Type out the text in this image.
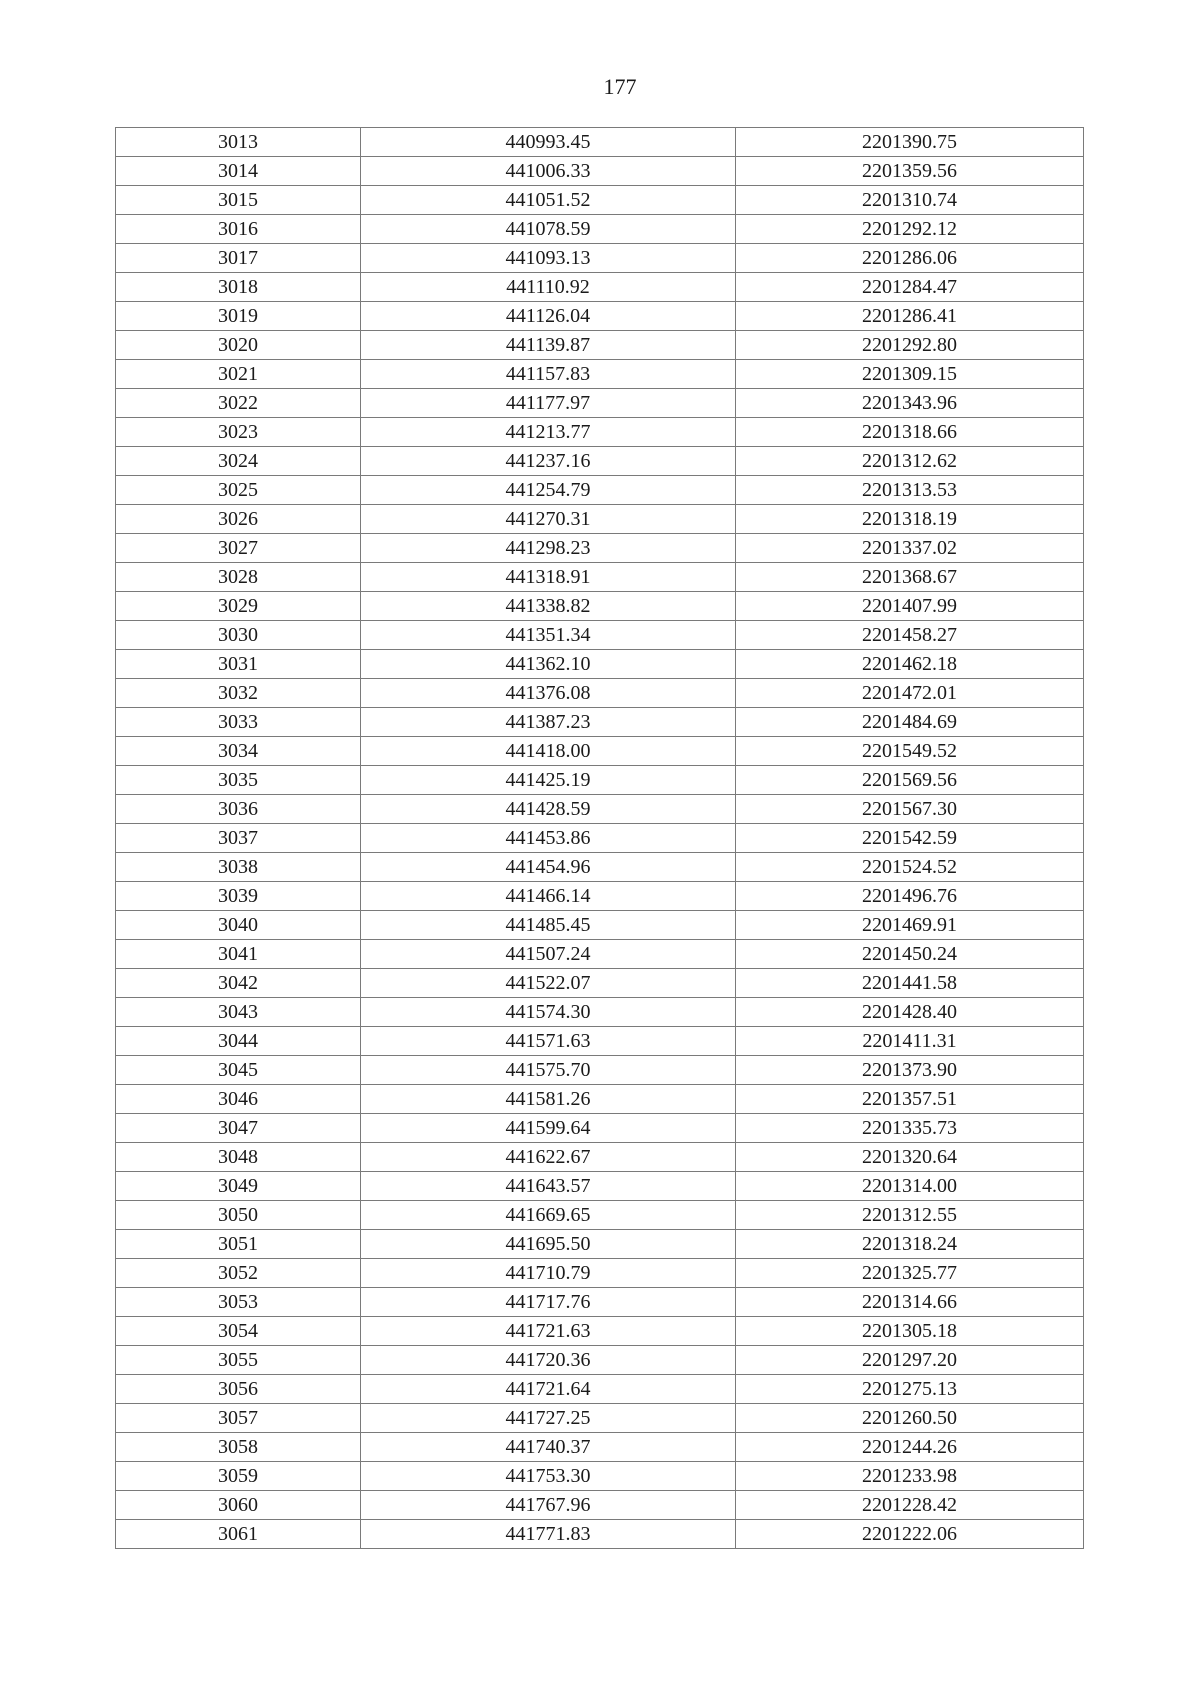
177
3013	440993.45	2201390.75
3014	441006.33	2201359.56
3015	441051.52	2201310.74
3016	441078.59	2201292.12
3017	441093.13	2201286.06
3018	441110.92	2201284.47
3019	441126.04	2201286.41
3020	441139.87	2201292.80
3021	441157.83	2201309.15
3022	441177.97	2201343.96
3023	441213.77	2201318.66
3024	441237.16	2201312.62
3025	441254.79	2201313.53
3026	441270.31	2201318.19
3027	441298.23	2201337.02
3028	441318.91	2201368.67
3029	441338.82	2201407.99
3030	441351.34	2201458.27
3031	441362.10	2201462.18
3032	441376.08	2201472.01
3033	441387.23	2201484.69
3034	441418.00	2201549.52
3035	441425.19	2201569.56
3036	441428.59	2201567.30
3037	441453.86	2201542.59
3038	441454.96	2201524.52
3039	441466.14	2201496.76
3040	441485.45	2201469.91
3041	441507.24	2201450.24
3042	441522.07	2201441.58
3043	441574.30	2201428.40
3044	441571.63	2201411.31
3045	441575.70	2201373.90
3046	441581.26	2201357.51
3047	441599.64	2201335.73
3048	441622.67	2201320.64
3049	441643.57	2201314.00
3050	441669.65	2201312.55
3051	441695.50	2201318.24
3052	441710.79	2201325.77
3053	441717.76	2201314.66
3054	441721.63	2201305.18
3055	441720.36	2201297.20
3056	441721.64	2201275.13
3057	441727.25	2201260.50
3058	441740.37	2201244.26
3059	441753.30	2201233.98
3060	441767.96	2201228.42
3061	441771.83	2201222.06
